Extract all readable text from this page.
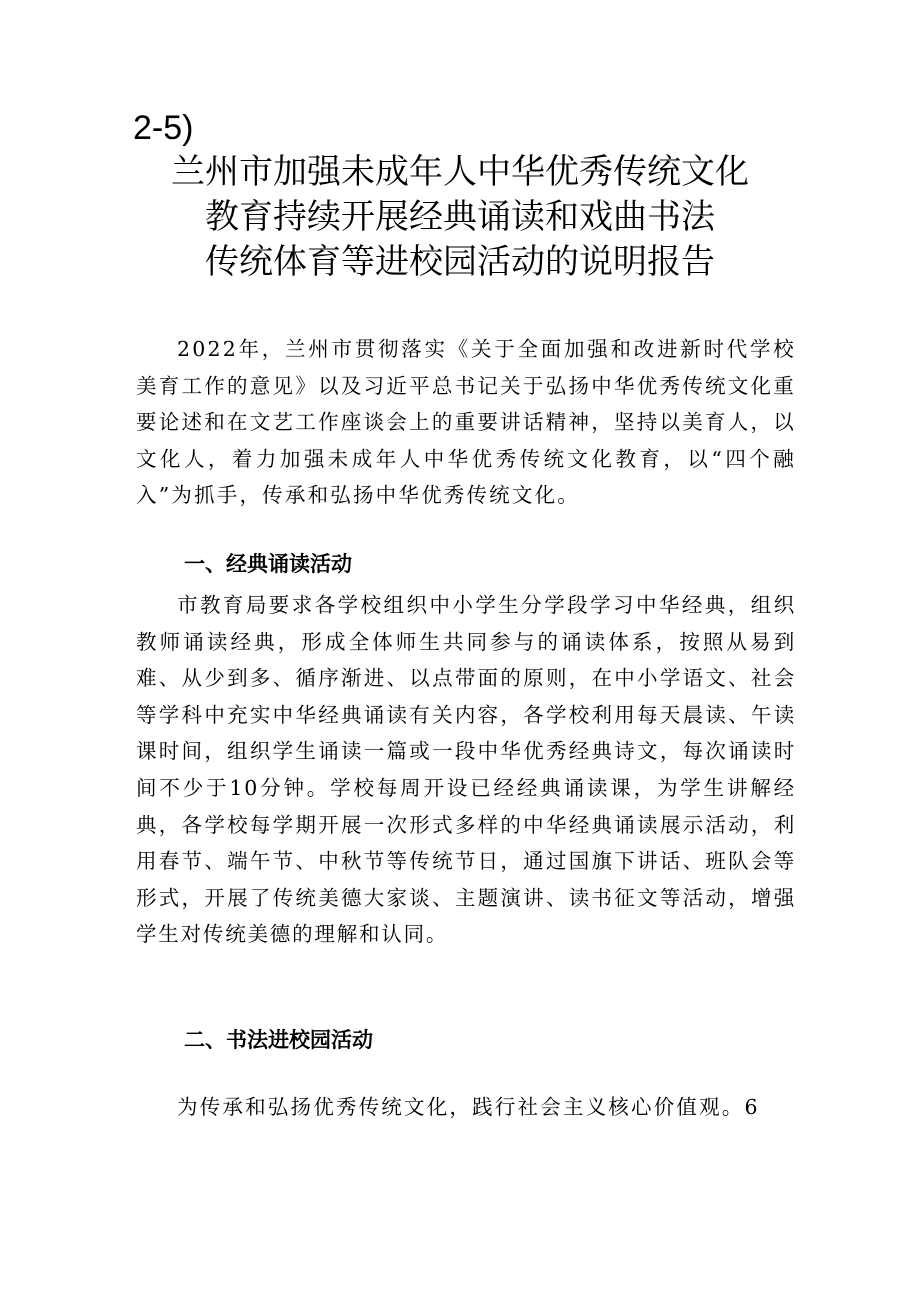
2-5)

兰州市加强未成年人中华优秀传统文化
教育持续开展经典诵读和戏曲书法
传统体育等进校园活动的说明报告

2022年，兰州市贯彻落实《关于全面加强和改进新时代学校美育工作的意见》以及习近平总书记关于弘扬中华优秀传统文化重要论述和在文艺工作座谈会上的重要讲话精神，坚持以美育人，以文化人，着力加强未成年人中华优秀传统文化教育，以“四个融入”为抓手，传承和弘扬中华优秀传统文化。

一、经典诵读活动

市教育局要求各学校组织中小学生分学段学习中华经典，组织教师诵读经典，形成全体师生共同参与的诵读体系，按照从易到难、从少到多、循序渐进、以点带面的原则，在中小学语文、社会等学科中充实中华经典诵读有关内容，各学校利用每天晨读、午读课时间，组织学生诵读一篇或一段中华优秀经典诗文，每次诵读时间不少于10分钟。学校每周开设已经经典诵读课，为学生讲解经典，各学校每学期开展一次形式多样的中华经典诵读展示活动，利用春节、端午节、中秋节等传统节日，通过国旗下讲话、班队会等形式，开展了传统美德大家谈、主题演讲、读书征文等活动，增强学生对传统美德的理解和认同。

二、书法进校园活动

为传承和弘扬优秀传统文化，践行社会主义核心价值观。6
